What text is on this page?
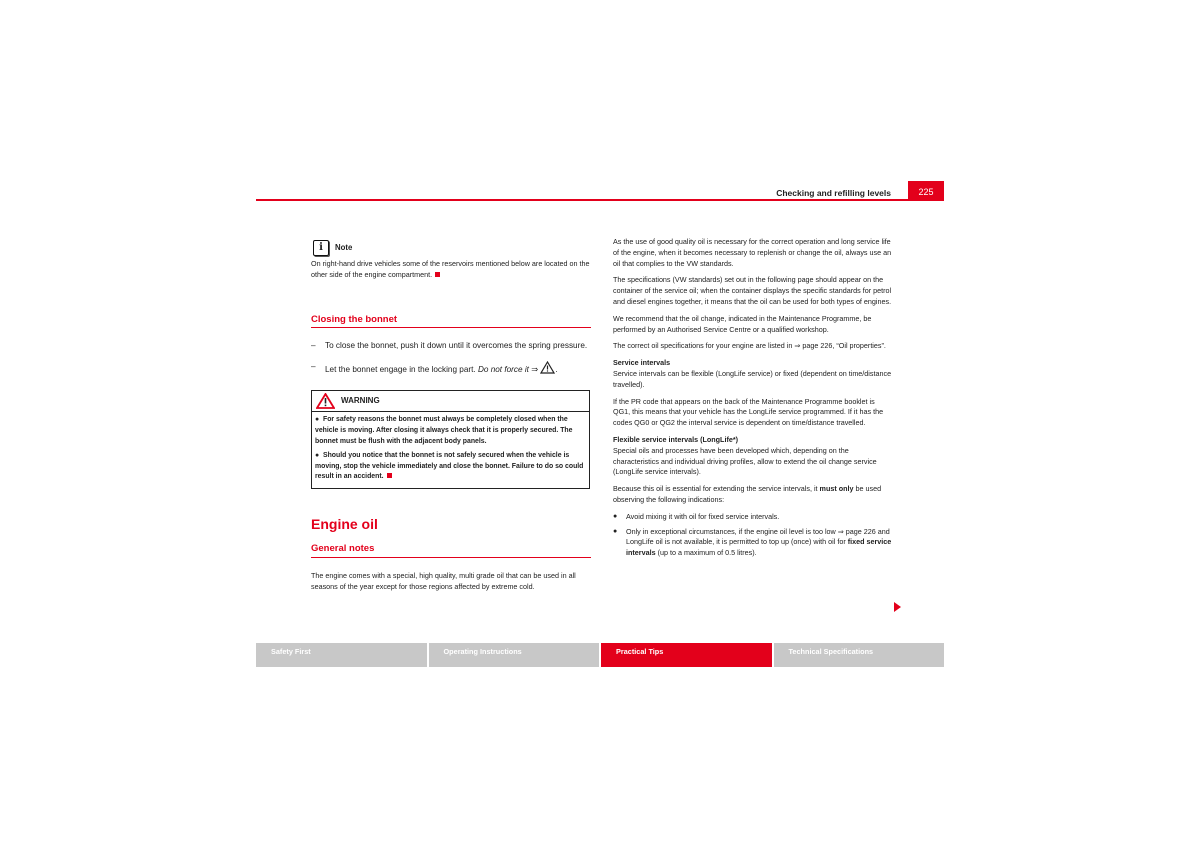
Checking and refilling levels	225
i	Note

On right-hand drive vehicles some of the reservoirs mentioned below are located on the other side of the engine compartment.

Closing the bonnet
–	To close the bonnet, push it down until it overcomes the spring pressure.
–	Let the bonnet engage in the locking part. Do not force it ⇒ .
WARNING

●  For safety reasons the bonnet must always be completely closed when the vehicle is moving. After closing it always check that it is properly secured. The bonnet must be flush with the adjacent body panels.

●  Should you notice that the bonnet is not safely secured when the vehicle is moving, stop the vehicle immediately and close the bonnet. Failure to do so could result in an accident.

Engine oil
General notes

The engine comes with a special, high quality, multi grade oil that can be used in all seasons of the year except for those regions affected by extreme cold.

As the use of good quality oil is necessary for the correct operation and long service life of the engine, when it becomes necessary to replenish or change the oil, always use an oil that complies to the VW standards.

The specifications (VW standards) set out in the following page should appear on the container of the service oil; when the container displays the specific standards for petrol and diesel engines together, it means that the oil can be used for both types of engines.

We recommend that the oil change, indicated in the Maintenance Programme, be performed by an Authorised Service Centre or a qualified workshop.

The correct oil specifications for your engine are listed in ⇒ page 226, “Oil properties”.

Service intervals

Service intervals can be flexible (LongLife service) or fixed (dependent on time/distance travelled).

If the PR code that appears on the back of the Maintenance Programme booklet is QG1, this means that your vehicle has the LongLife service programmed. If it has the codes QG0 or QG2 the interval service is dependent on time/distance travelled.

Flexible service intervals (LongLife*)

Special oils and processes have been developed which, depending on the characteristics and individual driving profiles, allow to extend the oil change service (LongLife service intervals).

Because this oil is essential for extending the service intervals, it must only be used observing the following indications:

●	Avoid mixing it with oil for fixed service intervals.
●	Only in exceptional circumstances, if the engine oil level is too low ⇒ page 226 and LongLife oil is not available, it is permitted to top up (once) with oil for fixed service intervals (up to a maximum of 0.5 litres).
Safety First	Operating Instructions	Practical Tips	Technical Specifications
